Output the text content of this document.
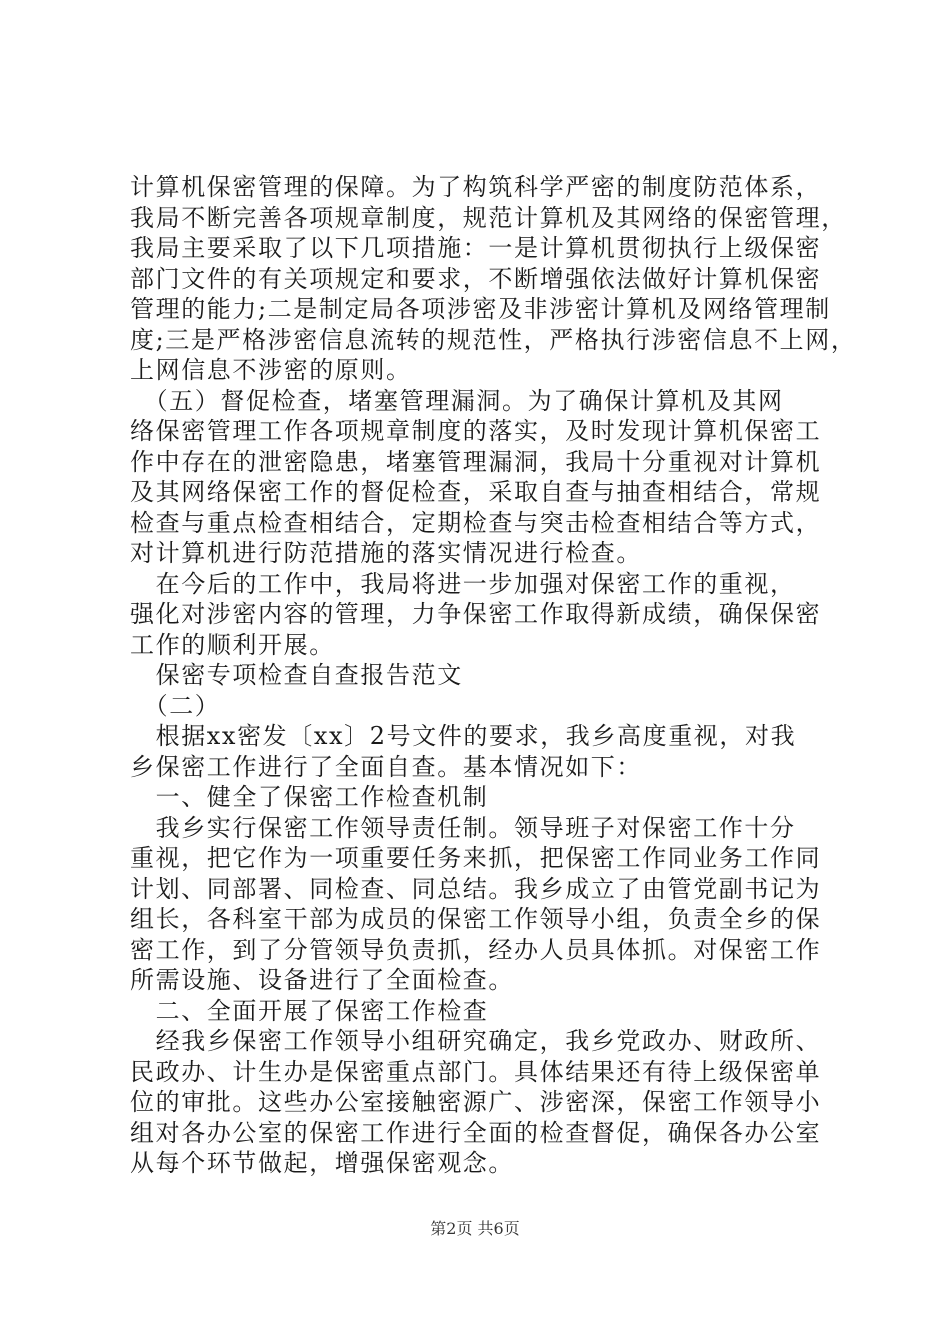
计算机保密管理的保障。为了构筑科学严密的制度防范体系，
我局不断完善各项规章制度，规范计算机及其网络的保密管理，
我局主要采取了以下几项措施：一是计算机贯彻执行上级保密
部门文件的有关项规定和要求，不断增强依法做好计算机保密
管理的能力;二是制定局各项涉密及非涉密计算机及网络管理制
度;三是严格涉密信息流转的规范性，严格执行涉密信息不上网，
上网信息不涉密的原则。
　（五）督促检查，堵塞管理漏洞。为了确保计算机及其网
络保密管理工作各项规章制度的落实，及时发现计算机保密工
作中存在的泄密隐患，堵塞管理漏洞，我局十分重视对计算机
及其网络保密工作的督促检查，采取自查与抽查相结合，常规
检查与重点检查相结合，定期检查与突击检查相结合等方式，
对计算机进行防范措施的落实情况进行检查。
　在今后的工作中，我局将进一步加强对保密工作的重视，
强化对涉密内容的管理，力争保密工作取得新成绩，确保保密
工作的顺利开展。
　保密专项检查自查报告范文
　（二）
　根据xx密发〔xx〕2号文件的要求，我乡高度重视，对我
乡保密工作进行了全面自查。基本情况如下：
　一、健全了保密工作检查机制
　我乡实行保密工作领导责任制。领导班子对保密工作十分
重视，把它作为一项重要任务来抓，把保密工作同业务工作同
计划、同部署、同检查、同总结。我乡成立了由管党副书记为
组长，各科室干部为成员的保密工作领导小组，负责全乡的保
密工作，到了分管领导负责抓，经办人员具体抓。对保密工作
所需设施、设备进行了全面检查。
　二、全面开展了保密工作检查
　经我乡保密工作领导小组研究确定，我乡党政办、财政所、
民政办、计生办是保密重点部门。具体结果还有待上级保密单
位的审批。这些办公室接触密源广、涉密深，保密工作领导小
组对各办公室的保密工作进行全面的检查督促，确保各办公室
从每个环节做起，增强保密观念。
第2页 共6页
